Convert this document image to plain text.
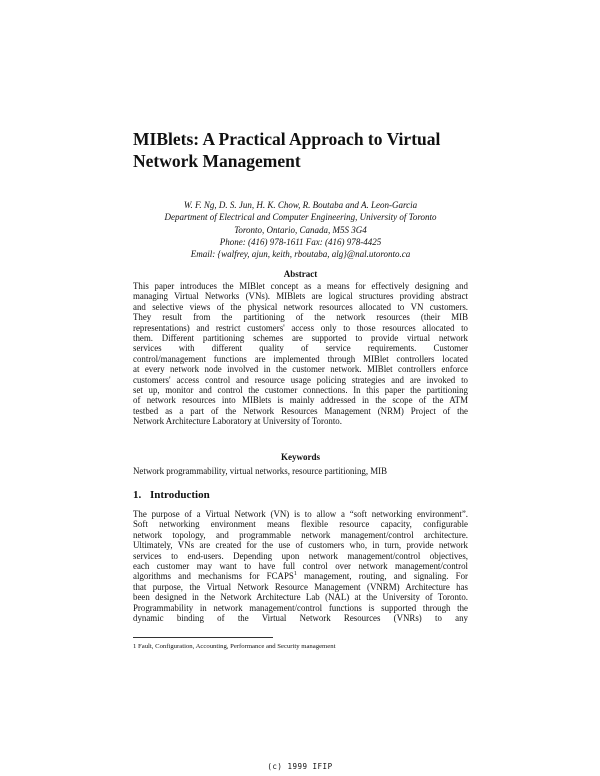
MIBlets: A Practical Approach to Virtual
Network Management
W. F. Ng, D. S. Jun, H. K. Chow, R. Boutaba and A. Leon-Garcia
Department of Electrical and Computer Engineering, University of Toronto
Toronto, Ontario, Canada, M5S 3G4
Phone: (416) 978-1611 Fax: (416) 978-4425
Email: {walfrey, ajun, keith, rboutaba, alg}@nal.utoronto.ca
Abstract
This paper introduces the MIBlet concept as a means for effectively designing and
managing Virtual Networks (VNs). MIBlets are logical structures providing abstract
and selective views of the physical network resources allocated to VN customers.
They result from the partitioning of the network resources (their MIB
representations) and restrict customers' access only to those resources allocated to
them. Different partitioning schemes are supported to provide virtual network
services with different quality of service requirements. Customer
control/management functions are implemented through MIBlet controllers located
at every network node involved in the customer network. MIBlet controllers enforce
customers' access control and resource usage policing strategies and are invoked to
set up, monitor and control the customer connections. In this paper the partitioning
of network resources into MIBlets is mainly addressed in the scope of the ATM
testbed as a part of the Network Resources Management (NRM) Project of the
Network Architecture Laboratory at University of Toronto.
Keywords

Network programmability, virtual networks, resource partitioning, MIB

1. Introduction
The purpose of a Virtual Network (VN) is to allow a “soft networking environment”.
Soft networking environment means flexible resource capacity, configurable
network topology, and programmable network management/control architecture.
Ultimately, VNs are created for the use of customers who, in turn, provide network
services to end-users. Depending upon network management/control objectives,
each customer may want to have full control over network management/control
algorithms and mechanisms for FCAPS$^1$ management, routing, and signaling. For
that purpose, the Virtual Network Resource Management (VNRM) Architecture has
been designed in the Network Architecture Lab (NAL) at the University of Toronto.
Programmability in network management/control functions is supported through the
dynamic binding of the Virtual Network Resources (VNRs) to any

1 Fault, Configuration, Accounting, Performance and Security management

(c) 1999 IFIP
